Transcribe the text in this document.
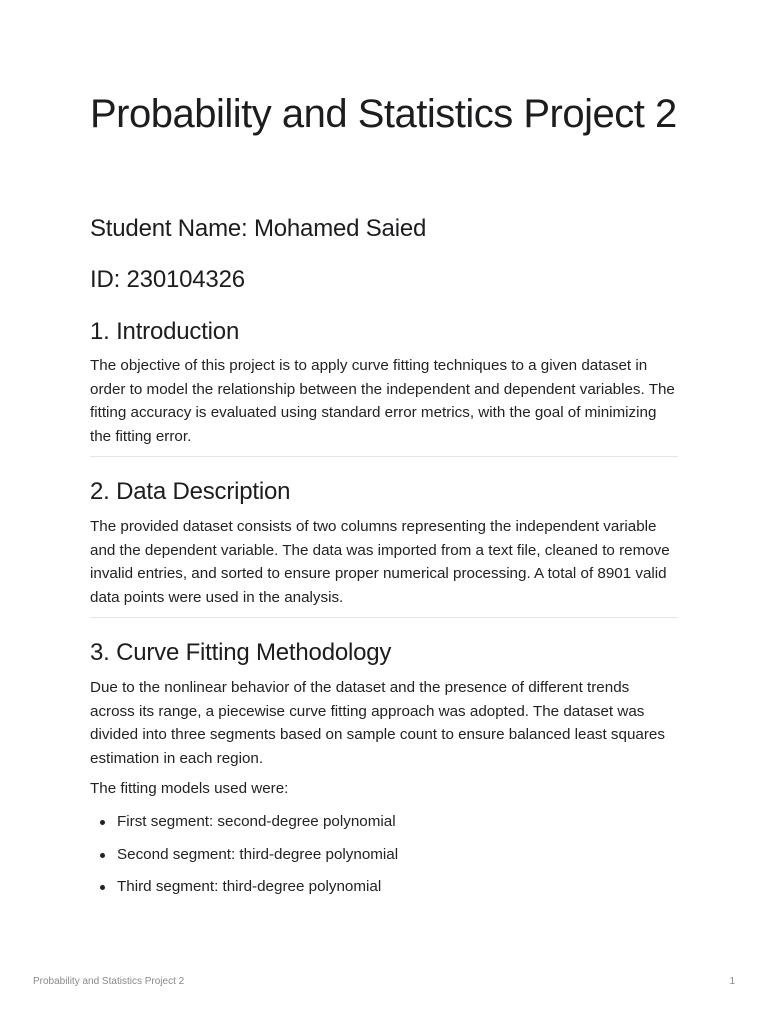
Probability and Statistics Project 2
Student Name: Mohamed Saied
ID: 230104326
1. Introduction

The objective of this project is to apply curve fitting techniques to a given dataset in order to model the relationship between the independent and dependent variables. The fitting accuracy is evaluated using standard error metrics, with the goal of minimizing the fitting error.

2. Data Description

The provided dataset consists of two columns representing the independent variable and the dependent variable. The data was imported from a text file, cleaned to remove invalid entries, and sorted to ensure proper numerical processing. A total of 8901 valid data points were used in the analysis.

3. Curve Fitting Methodology

Due to the nonlinear behavior of the dataset and the presence of different trends across its range, a piecewise curve fitting approach was adopted. The dataset was divided into three segments based on sample count to ensure balanced least squares estimation in each region.

The fitting models used were:

First segment: second-degree polynomial
Second segment: third-degree polynomial
Third segment: third-degree polynomial
Probability and Statistics Project 2	1
